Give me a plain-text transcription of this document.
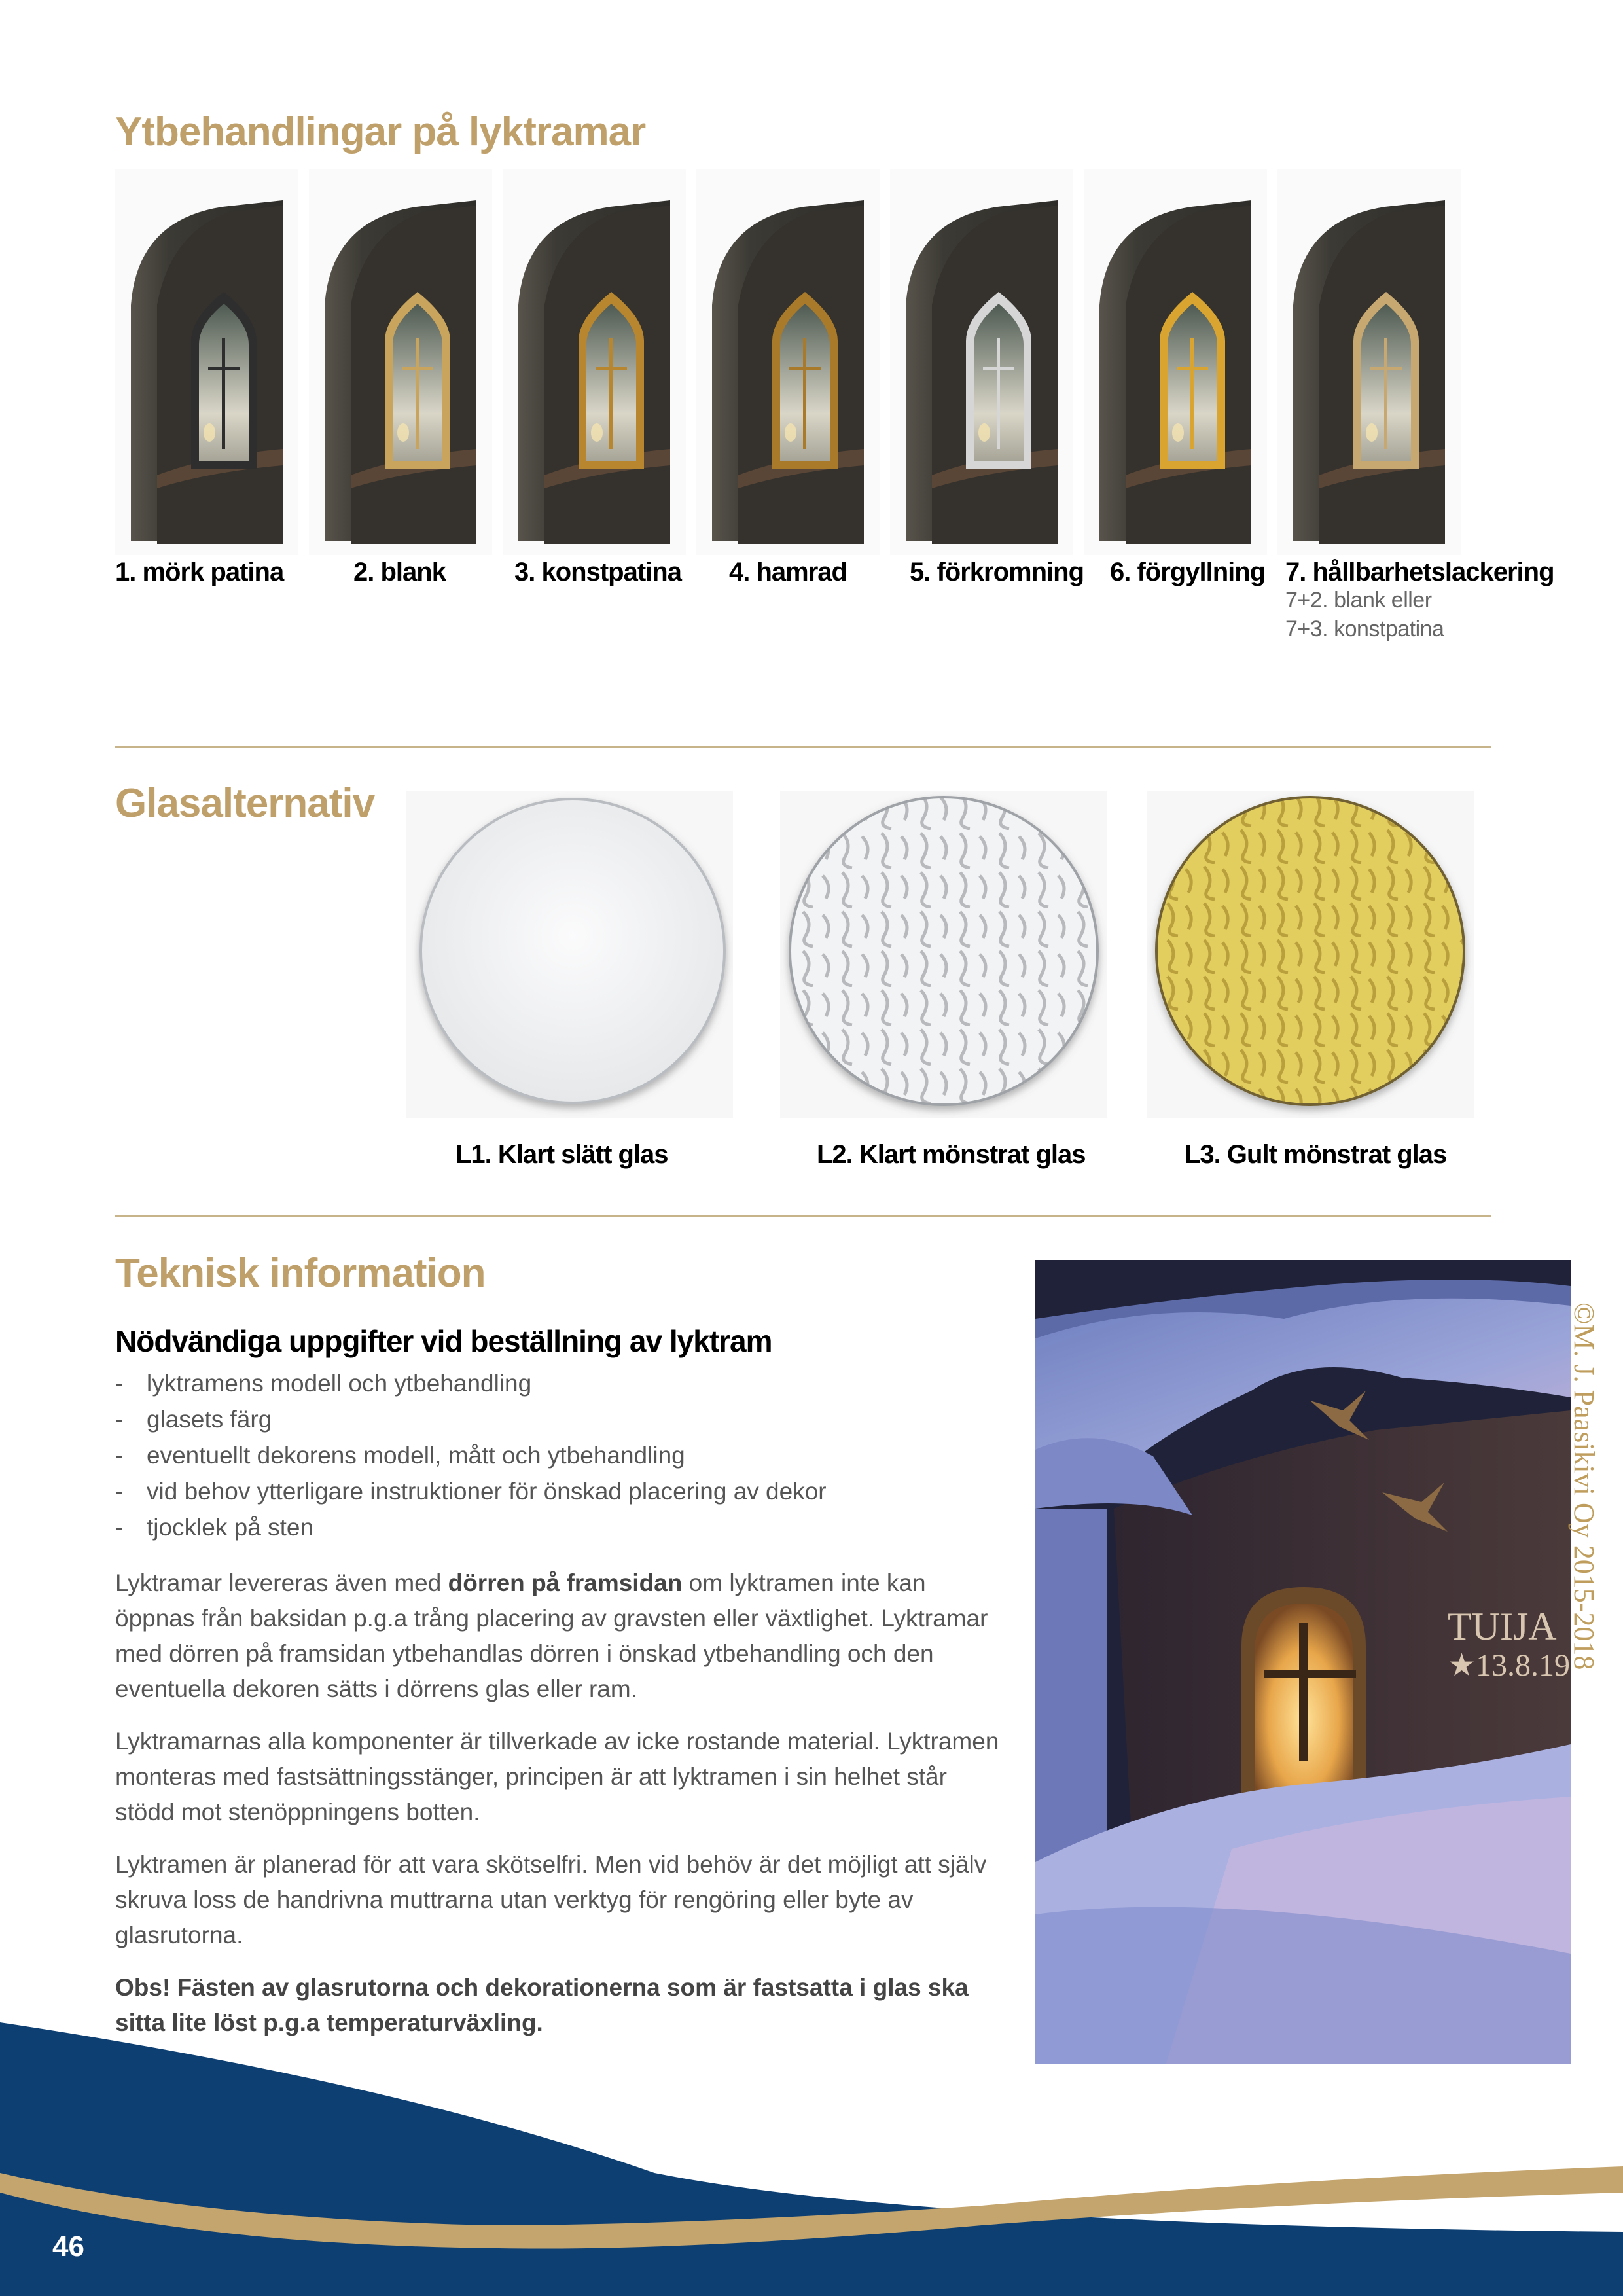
Ytbehandlingar på lyktramar
1. mörk patina	2. blank	3. konstpatina 4. hamrad 5. förkromning 6. förgyllning 7. hållbarhetslackering
7+2. blank eller
7+3. konstpatina
Glasalternativ
L1. Klart slätt glas	L2. Klart mönstrat glas	L3. Gult mönstrat glas
Teknisk information
Nödvändiga uppgifter vid beställning av lyktram
- lyktramens modell och ytbehandling
- glasets färg
- eventuellt dekorens modell, mått och ytbehandling
- vid behov ytterligare instruktioner för önskad placering av dekor
- tjocklek på sten

Lyktramar levereras även med dörren på framsidan om lyktramen inte kan öppnas från baksidan p.g.a trång placering av gravsten eller växtlighet. Lyktramar med dörren på framsidan ytbehandlas dörren i önskad ytbehandling och den eventuella dekoren sätts i dörrens glas eller ram.

Lyktramarnas alla komponenter är tillverkade av icke rostande material. Lyktramen monteras med fastsättningsstänger, principen är att lyktramen i sin helhet står stödd mot stenöppningens botten.

Lyktramen är planerad för att vara skötselfri. Men vid behöv är det möjligt att själv skruva loss de handrivna muttrarna utan verktyg för rengöring eller byte av glasrutorna.

Obs! Fästen av glasrutorna och dekorationerna som är fastsatta i glas ska sitta lite löst p.g.a temperaturväxling.

TUIJA
★13.8.19
©M. J. Paasikivi Oy 2015-2018
46
